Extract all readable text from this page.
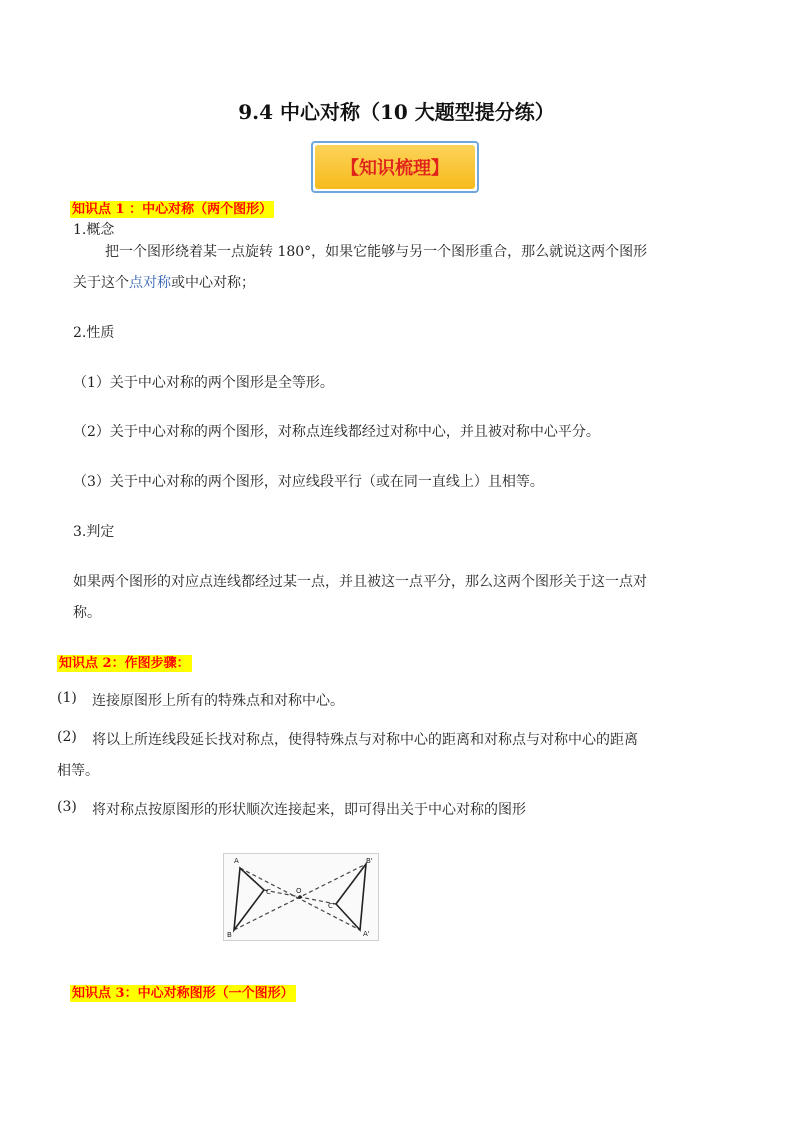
9.4 中心对称（10 大题型提分练）
【知识梳理】
知识点 1 ：中心对称（两个图形）
1.概念
把一个图形绕着某一点旋转 180°，如果它能够与另一个图形重合，那么就说这两个图形
关于这个点对称或中心对称；
2.性质
（1）关于中心对称的两个图形是全等形。
（2）关于中心对称的两个图形，对称点连线都经过对称中心，并且被对称中心平分。
（3）关于中心对称的两个图形，对应线段平行（或在同一直线上）且相等。
3.判定
如果两个图形的对应点连线都经过某一点，并且被这一点平分，那么这两个图形关于这一点对
称。
知识点 2：作图步骤：
(1) 连接原图形上所有的特殊点和对称中心。
(2) 将以上所连线段延长找对称点，使得特殊点与对称中心的距离和对称点与对称中心的距离
相等。
(3) 将对称点按原图形的形状顺次连接起来，即可得出关于中心对称的图形
A
B
C	O
A'
B'
C'
知识点 3：中心对称图形（一个图形）
